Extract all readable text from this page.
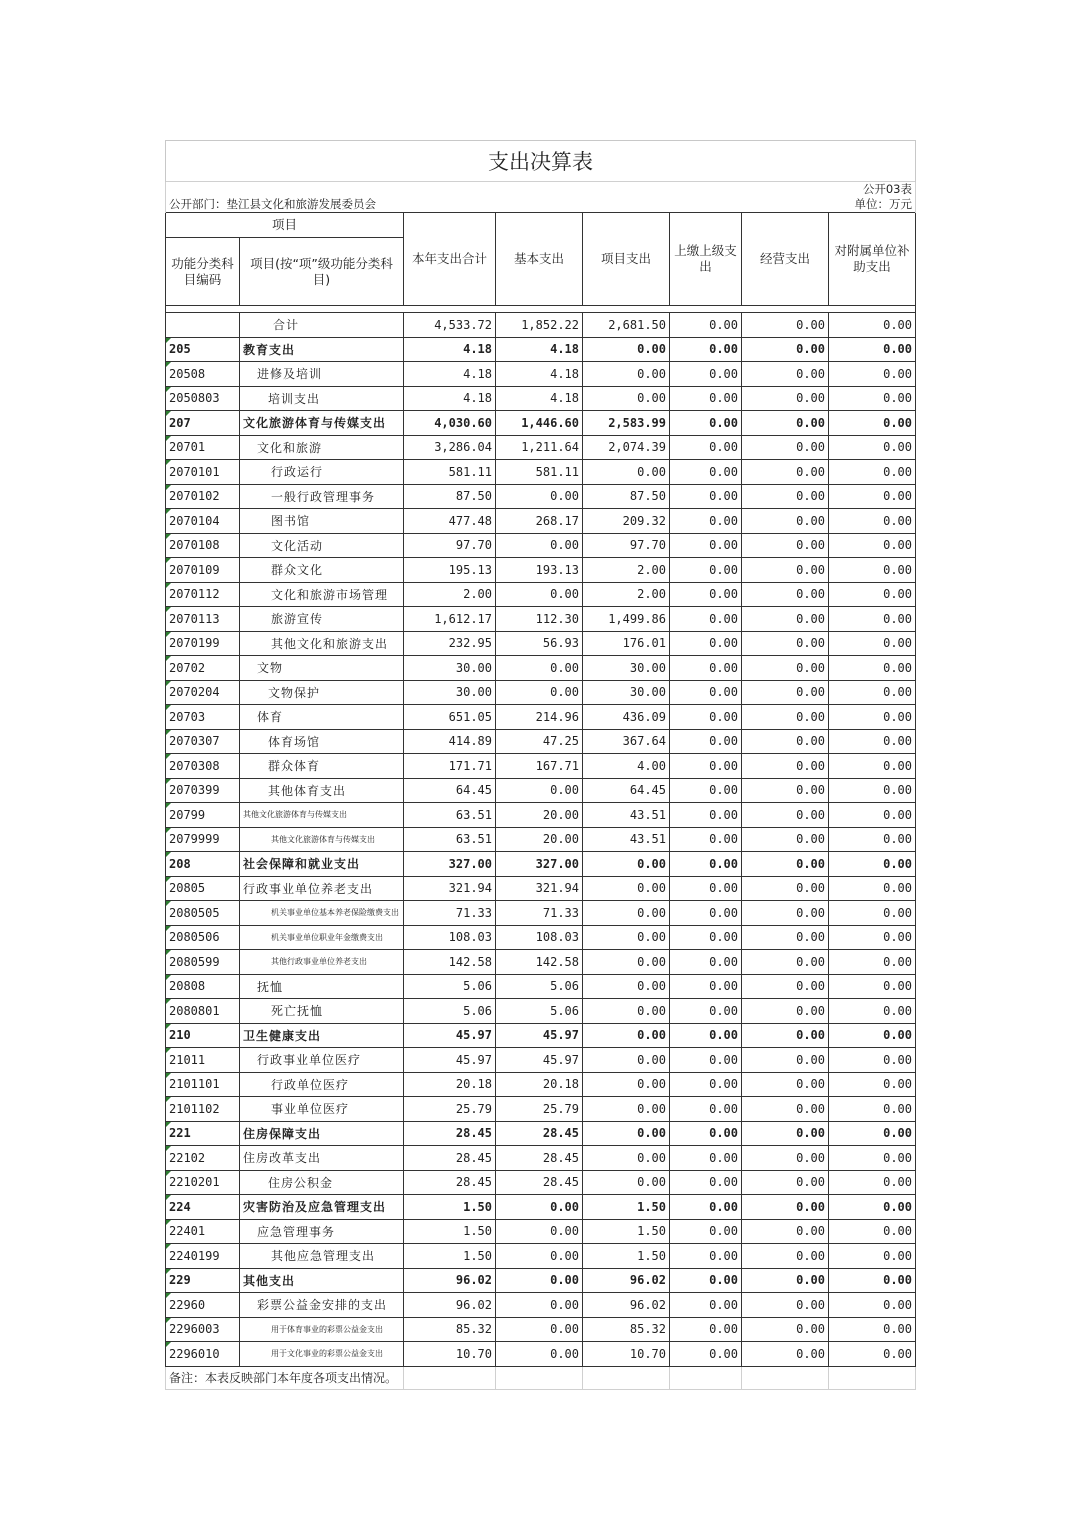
支出决算表							
						公开03表	
公开部门：垫江县文化和旅游发展委员会						单位：万元	
项目		本年支出合计	基本支出	项目支出	上缴上级支出	经营支出	对附属单位补助支出
功能分类科目编码	项目(按“项”级功能分类科目)						

	合计	4,533.72	1,852.22	2,681.50	0.00	0.00	0.00
205	教育支出	4.18	4.18	0.00	0.00	0.00	0.00
20508	进修及培训	4.18	4.18	0.00	0.00	0.00	0.00
2050803	培训支出	4.18	4.18	0.00	0.00	0.00	0.00
207	文化旅游体育与传媒支出	4,030.60	1,446.60	2,583.99	0.00	0.00	0.00
20701	文化和旅游	3,286.04	1,211.64	2,074.39	0.00	0.00	0.00
2070101	行政运行	581.11	581.11	0.00	0.00	0.00	0.00
2070102	一般行政管理事务	87.50	0.00	87.50	0.00	0.00	0.00
2070104	图书馆	477.48	268.17	209.32	0.00	0.00	0.00
2070108	文化活动	97.70	0.00	97.70	0.00	0.00	0.00
2070109	群众文化	195.13	193.13	2.00	0.00	0.00	0.00
2070112	文化和旅游市场管理	2.00	0.00	2.00	0.00	0.00	0.00
2070113	旅游宣传	1,612.17	112.30	1,499.86	0.00	0.00	0.00
2070199	其他文化和旅游支出	232.95	56.93	176.01	0.00	0.00	0.00
20702	文物	30.00	0.00	30.00	0.00	0.00	0.00
2070204	文物保护	30.00	0.00	30.00	0.00	0.00	0.00
20703	体育	651.05	214.96	436.09	0.00	0.00	0.00
2070307	体育场馆	414.89	47.25	367.64	0.00	0.00	0.00
2070308	群众体育	171.71	167.71	4.00	0.00	0.00	0.00
2070399	其他体育支出	64.45	0.00	64.45	0.00	0.00	0.00
20799	其他文化旅游体育与传媒支出	63.51	20.00	43.51	0.00	0.00	0.00
2079999	其他文化旅游体育与传媒支出	63.51	20.00	43.51	0.00	0.00	0.00
208	社会保障和就业支出	327.00	327.00	0.00	0.00	0.00	0.00
20805	行政事业单位养老支出	321.94	321.94	0.00	0.00	0.00	0.00
2080505	机关事业单位基本养老保险缴费支出	71.33	71.33	0.00	0.00	0.00	0.00
2080506	机关事业单位职业年金缴费支出	108.03	108.03	0.00	0.00	0.00	0.00
2080599	其他行政事业单位养老支出	142.58	142.58	0.00	0.00	0.00	0.00
20808	抚恤	5.06	5.06	0.00	0.00	0.00	0.00
2080801	死亡抚恤	5.06	5.06	0.00	0.00	0.00	0.00
210	卫生健康支出	45.97	45.97	0.00	0.00	0.00	0.00
21011	行政事业单位医疗	45.97	45.97	0.00	0.00	0.00	0.00
2101101	行政单位医疗	20.18	20.18	0.00	0.00	0.00	0.00
2101102	事业单位医疗	25.79	25.79	0.00	0.00	0.00	0.00
221	住房保障支出	28.45	28.45	0.00	0.00	0.00	0.00
22102	住房改革支出	28.45	28.45	0.00	0.00	0.00	0.00
2210201	住房公积金	28.45	28.45	0.00	0.00	0.00	0.00
224	灾害防治及应急管理支出	1.50	0.00	1.50	0.00	0.00	0.00
22401	应急管理事务	1.50	0.00	1.50	0.00	0.00	0.00
2240199	其他应急管理支出	1.50	0.00	1.50	0.00	0.00	0.00
229	其他支出	96.02	0.00	96.02	0.00	0.00	0.00
22960	彩票公益金安排的支出	96.02	0.00	96.02	0.00	0.00	0.00
2296003	用于体育事业的彩票公益金支出	85.32	0.00	85.32	0.00	0.00	0.00
2296010	用于文化事业的彩票公益金支出	10.70	0.00	10.70	0.00	0.00	0.00
备注：本表反映部门本年度各项支出情况。							
